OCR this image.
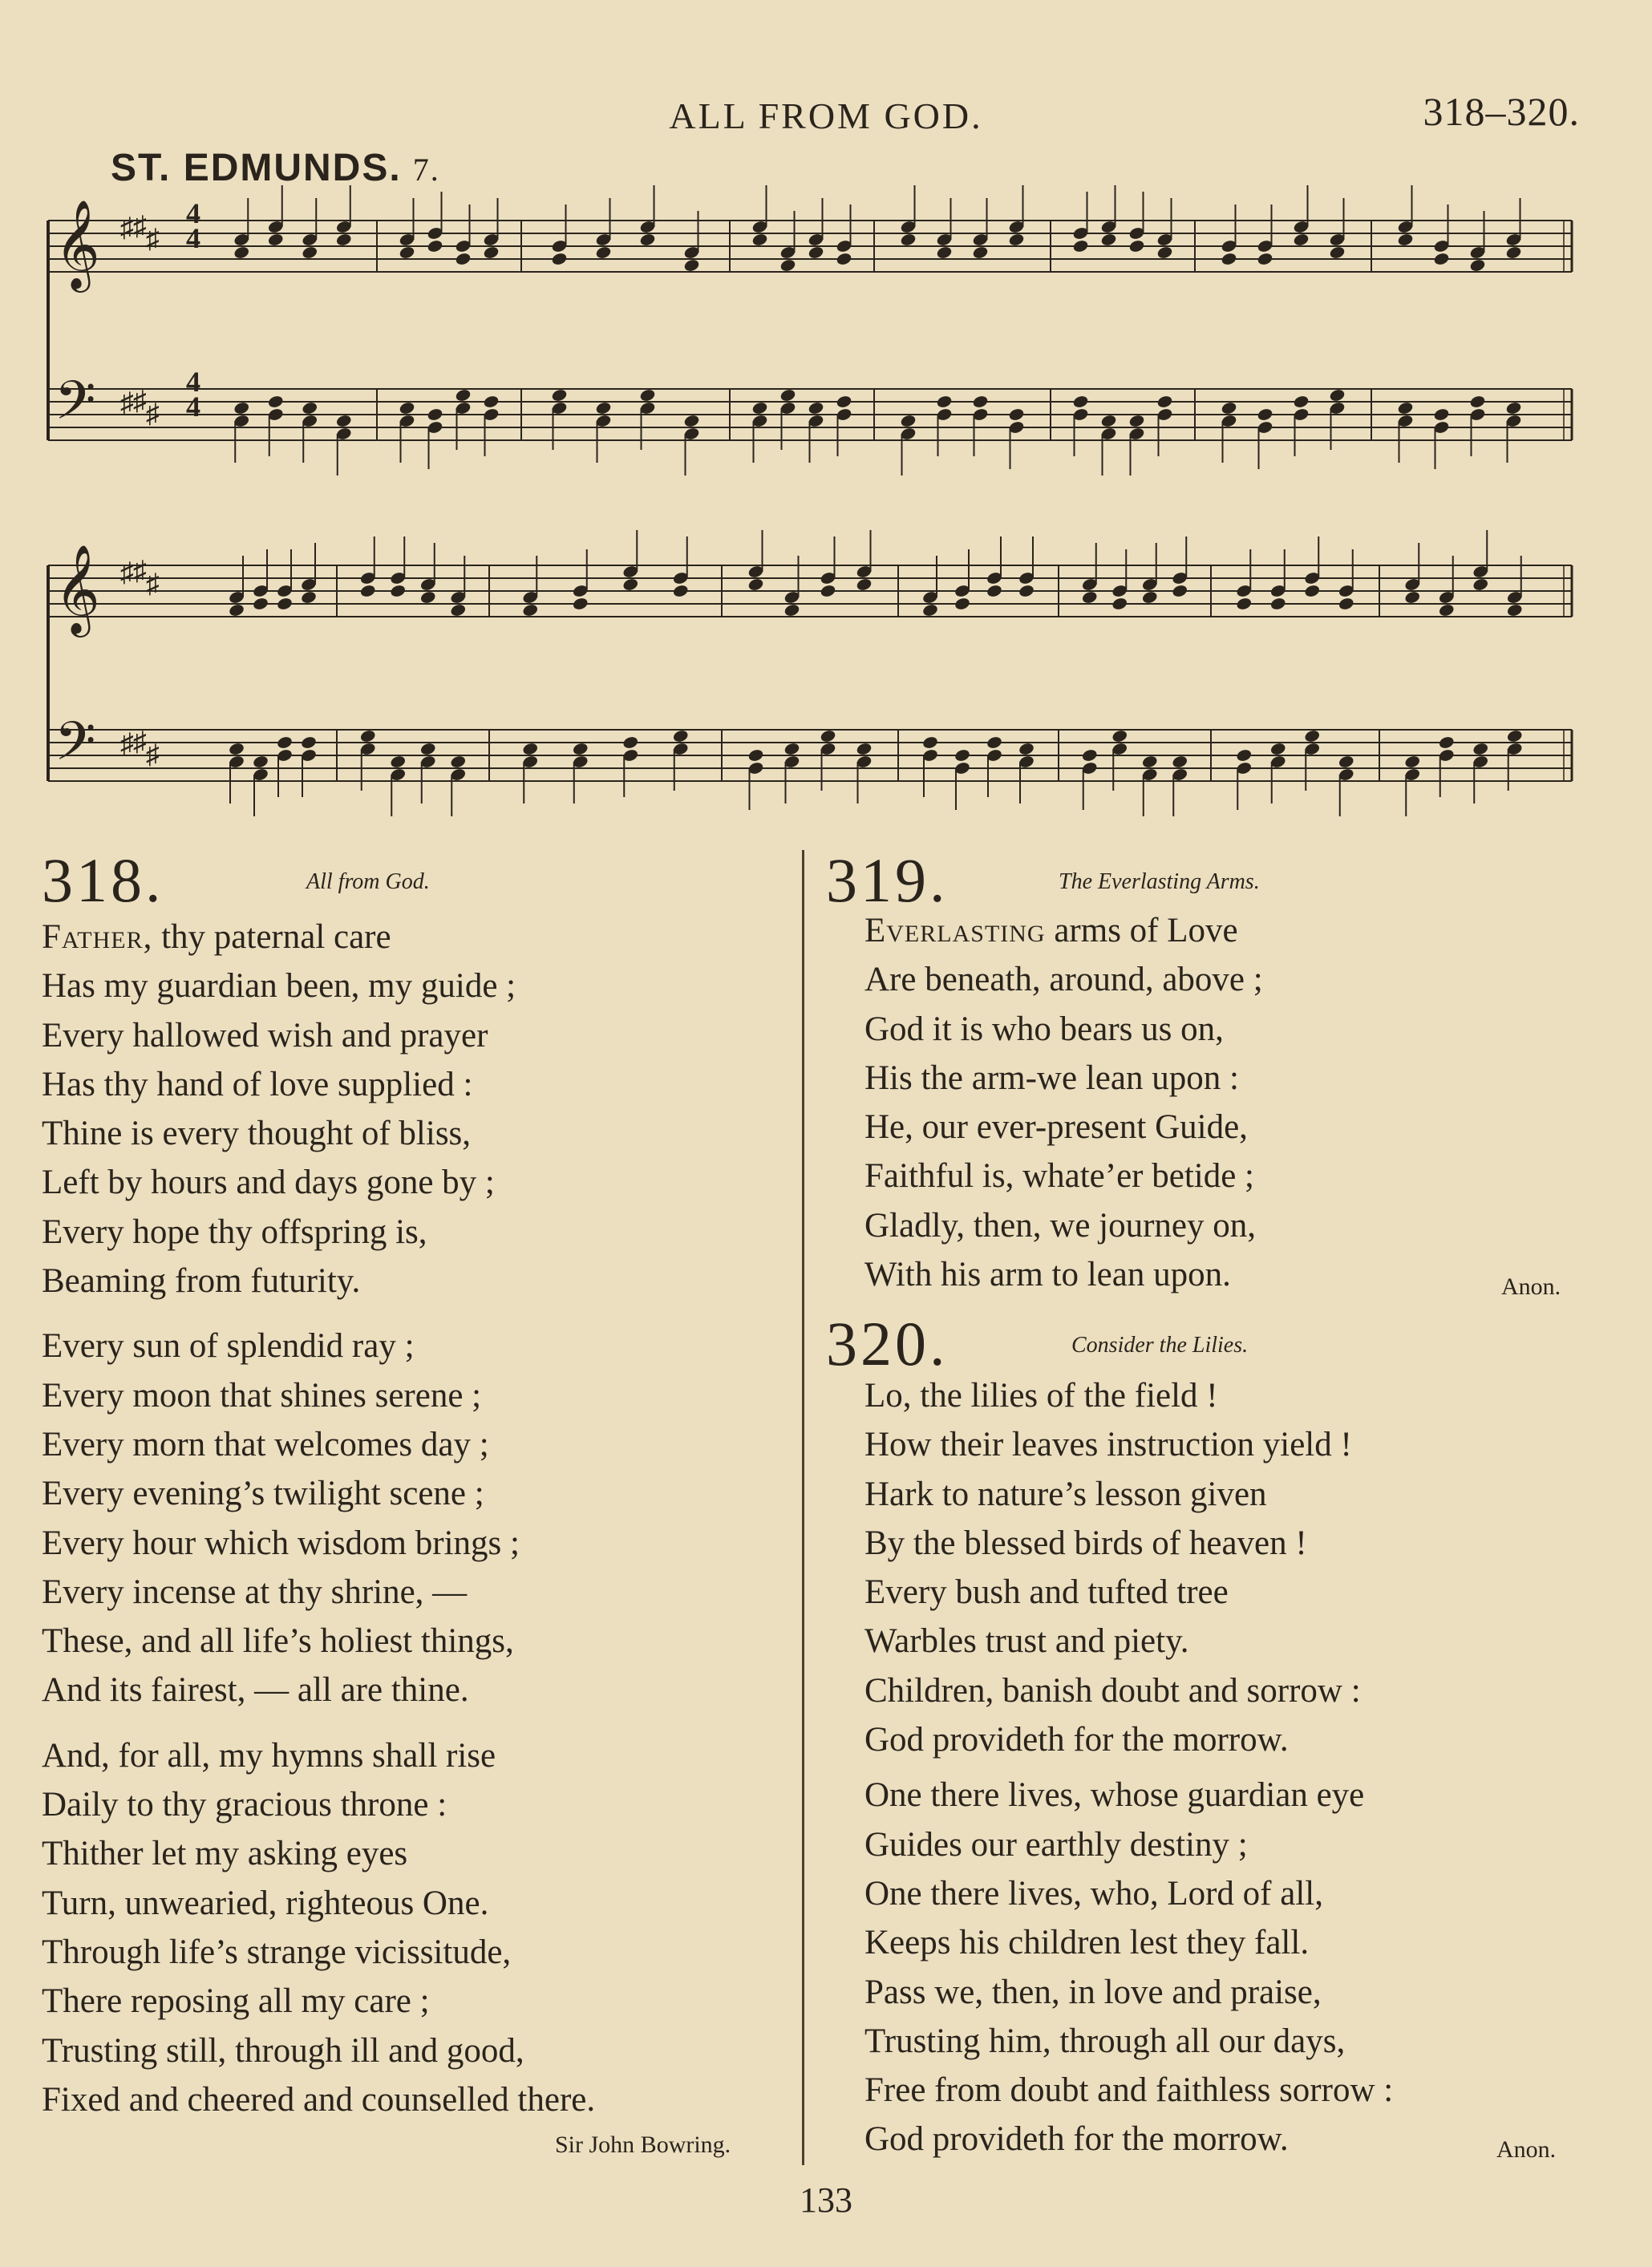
ALL FROM GOD.	318–320.
ST. EDMUNDS. 7.
𝄞
𝄢
♯
♯
♯
♯
♯
♯
𝄞
𝄢
♯
♯
♯
♯
♯
♯
4
4
4
4
318.	All from God.
Father, thy paternal care
Has my guardian been, my guide ;
Every hallowed wish and prayer
Has thy hand of love supplied :
Thine is every thought of bliss,
Left by hours and days gone by ;
Every hope thy offspring is,
Beaming from futurity.
Every sun of splendid ray ;
Every moon that shines serene ;
Every morn that welcomes day ;
Every evening’s twilight scene ;
Every hour which wisdom brings ;
Every incense at thy shrine, —
These, and all life’s holiest things,
And its fairest, — all are thine.
And, for all, my hymns shall rise
Daily to thy gracious throne :
Thither let my asking eyes
Turn, unwearied, righteous One.
Through life’s strange vicissitude,
There reposing all my care ;
Trusting still, through ill and good,
Fixed and cheered and counselled there.
Sir John Bowring.
319.	The Everlasting Arms.
Everlasting arms of Love
Are beneath, around, above ;
God it is who bears us on,
His the arm-we lean upon :
He, our ever-present Guide,
Faithful is, whate’er betide ;
Gladly, then, we journey on,
With his arm to lean upon.	Anon.
320.	Consider the Lilies.
Lo, the lilies of the field !
How their leaves instruction yield !
Hark to nature’s lesson given
By the blessed birds of heaven !
Every bush and tufted tree
Warbles trust and piety.
Children, banish doubt and sorrow :
God provideth for the morrow.
One there lives, whose guardian eye
Guides our earthly destiny ;
One there lives, who, Lord of all,
Keeps his children lest they fall.
Pass we, then, in love and praise,
Trusting him, through all our days,
Free from doubt and faithless sorrow :
God provideth for the morrow.	Anon.
133
